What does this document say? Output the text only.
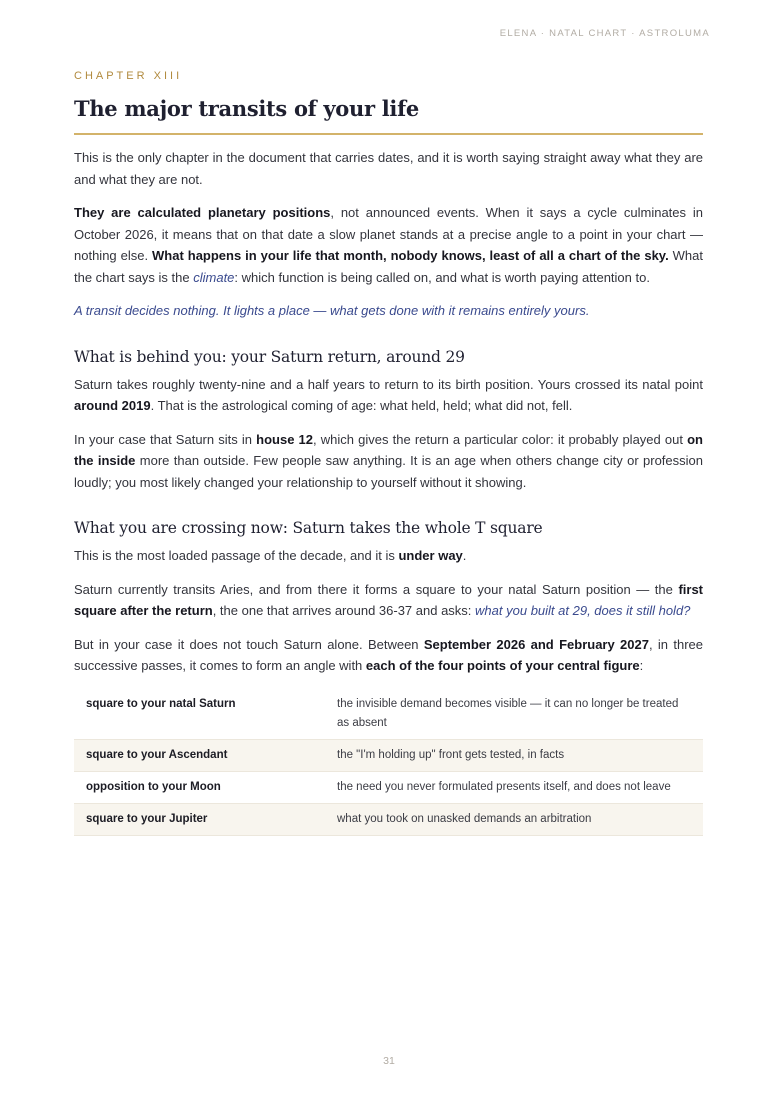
ELENA · NATAL CHART · ASTROLUMA
CHAPTER XIII
The major transits of your life

This is the only chapter in the document that carries dates, and it is worth saying straight away what they are and what they are not.

They are calculated planetary positions, not announced events. When it says a cycle culminates in October 2026, it means that on that date a slow planet stands at a precise angle to a point in your chart — nothing else. What happens in your life that month, nobody knows, least of all a chart of the sky. What the chart says is the climate: which function is being called on, and what is worth paying attention to.

A transit decides nothing. It lights a place — what gets done with it remains entirely yours.

What is behind you: your Saturn return, around 29

Saturn takes roughly twenty-nine and a half years to return to its birth position. Yours crossed its natal point around 2019. That is the astrological coming of age: what held, held; what did not, fell.

In your case that Saturn sits in house 12, which gives the return a particular color: it probably played out on the inside more than outside. Few people saw anything. It is an age when others change city or profession loudly; you most likely changed your relationship to yourself without it showing.

What you are crossing now: Saturn takes the whole T square

This is the most loaded passage of the decade, and it is under way.

Saturn currently transits Aries, and from there it forms a square to your natal Saturn position — the first square after the return, the one that arrives around 36-37 and asks: what you built at 29, does it still hold?

But in your case it does not touch Saturn alone. Between September 2026 and February 2027, in three successive passes, it comes to form an angle with each of the four points of your central figure:

square to your natal Saturn	the invisible demand becomes visible — it can no longer be treated as absent
square to your Ascendant	the "I'm holding up" front gets tested, in facts
opposition to your Moon	the need you never formulated presents itself, and does not leave
square to your Jupiter	what you took on unasked demands an arbitration
31
